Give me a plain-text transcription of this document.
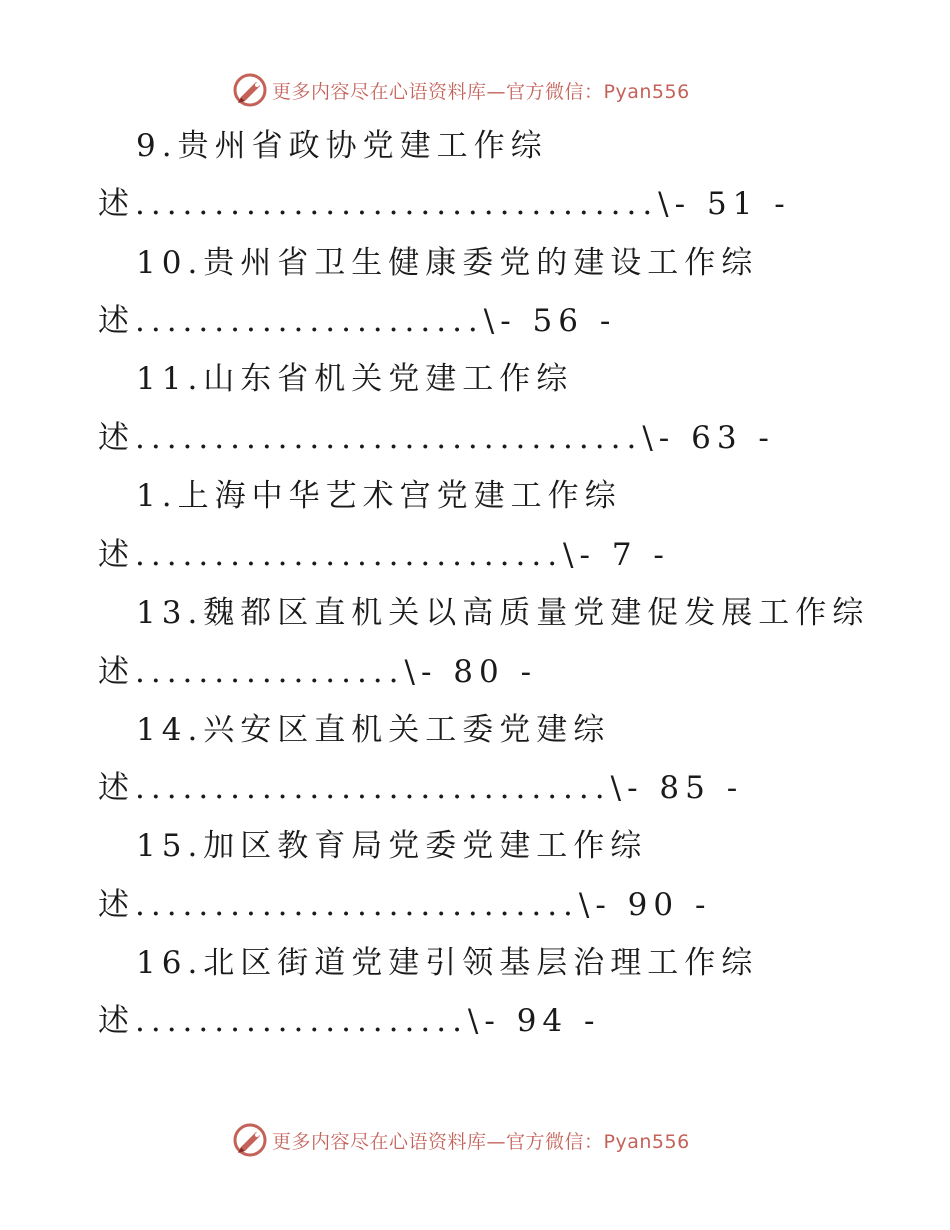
更多内容尽在心语资料库—官方微信：Pyan556
9.贵州省政协党建工作综
述.................................\- 51 -
10.贵州省卫生健康委党的建设工作综
述......................\- 56 -
11.山东省机关党建工作综
述................................\- 63 -
1.上海中华艺术宫党建工作综
述...........................\- 7 -
13.魏都区直机关以高质量党建促发展工作综
述.................\- 80 -
14.兴安区直机关工委党建综
述..............................\- 85 -
15.加区教育局党委党建工作综
述............................\- 90 -
16.北区街道党建引领基层治理工作综
述.....................\- 94 -
更多内容尽在心语资料库—官方微信：Pyan556
